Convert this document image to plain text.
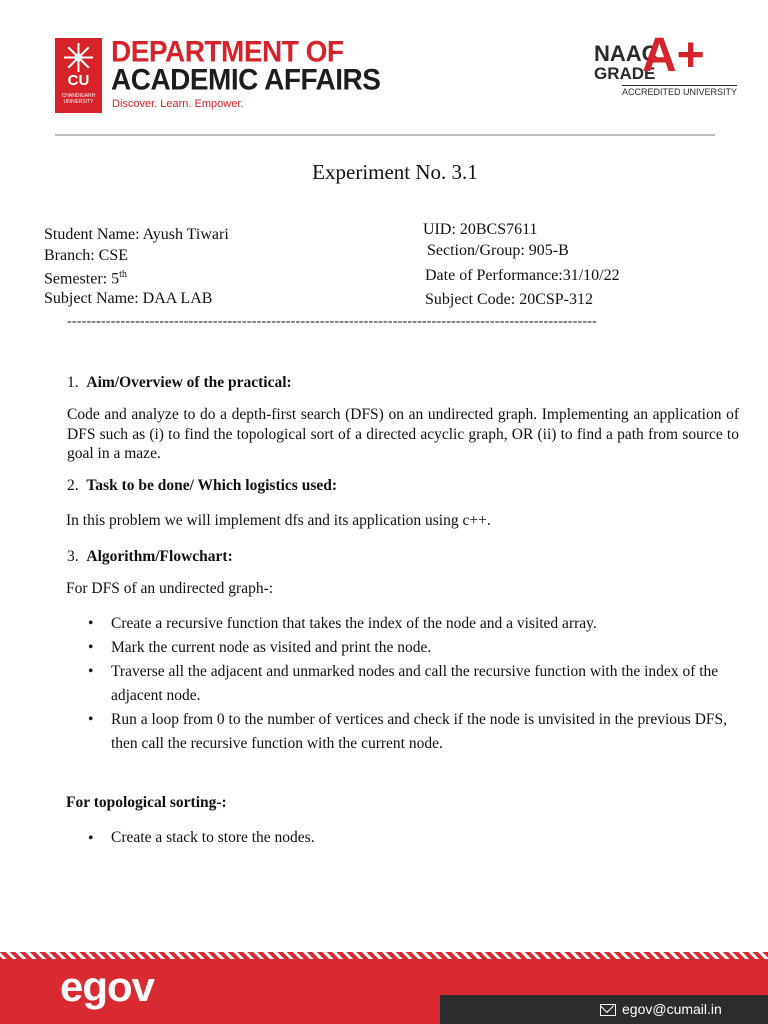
CU
CHANDIGARH UNIVERSITY
DEPARTMENT OF
ACADEMIC AFFAIRS
Discover. Learn. Empower.
NAAC
GRADE
A+
ACCREDITED UNIVERSITY
Experiment No. 3.1
Student Name: Ayush Tiwari
Branch: CSE
Semester: 5th
Subject Name: DAA LAB
UID: 20BCS7611
Section/Group: 905-B
Date of Performance:31/10/22
Subject Code: 20CSP-312
-------------------------------------------------------------------------------------------------------------
1. Aim/Overview of the practical:
Code and analyze to do a depth-first search (DFS) on an undirected graph. Implementing an application of DFS such as (i) to find the topological sort of a directed acyclic graph, OR (ii) to find a path from source to goal in a maze.
2. Task to be done/ Which logistics used:
In this problem we will implement dfs and its application using c++.
3. Algorithm/Flowchart:
For DFS of an undirected graph-:
• Create a recursive function that takes the index of the node and a visited array.
• Mark the current node as visited and print the node.
• Traverse all the adjacent and unmarked nodes and call the recursive function with the index of the adjacent node.
• Run a loop from 0 to the number of vertices and check if the node is unvisited in the previous DFS, then call the recursive function with the current node.
For topological sorting-:
• Create a stack to store the nodes.
egov	egov@cumail.in
